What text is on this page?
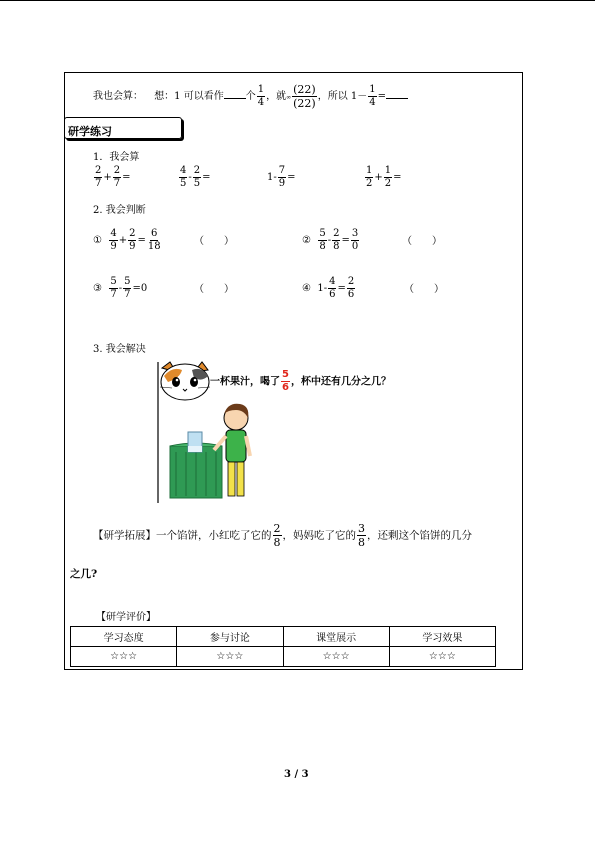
我也会算： 想：1 可以看作 个 $\frac{1}{4}$ ，就∞ $\frac{(22)}{(22)}$ ，所以 $1- \frac{1}{4}$ =
研学练习
1．我会算
$\frac{2}{7} + \frac{2}{7}$ =	$\frac{4}{5} - \frac{2}{5}$ =	$1- \frac{7}{9}$ =	$\frac{1}{2} + \frac{1}{2}$ =
2. 我会判断
① $\frac{4}{9} + \frac{2}{9} = \frac{6}{18}$	（　　）	② $\frac{5}{8} - \frac{2}{8} = \frac{3}{0}$	（　　）
③ $\frac{5}{7} - \frac{5}{7} =0$	（　　）	④ $1- \frac{4}{6} = \frac{2}{6}$	（　　）
3. 我会解决
一杯果汁，喝了 $\frac{5}{6}$ ，杯中还有几分之几？
【研学拓展】一个馅饼，小红吃了它的 $\frac{2}{8}$ ，妈妈吃了它的 $\frac{3}{8}$ ，还剩这个馅饼的几分
之几?
【研学评价】
学习态度	参与讨论	课堂展示	学习效果
☆☆☆	☆☆☆	☆☆☆	☆☆☆
3 / 3
